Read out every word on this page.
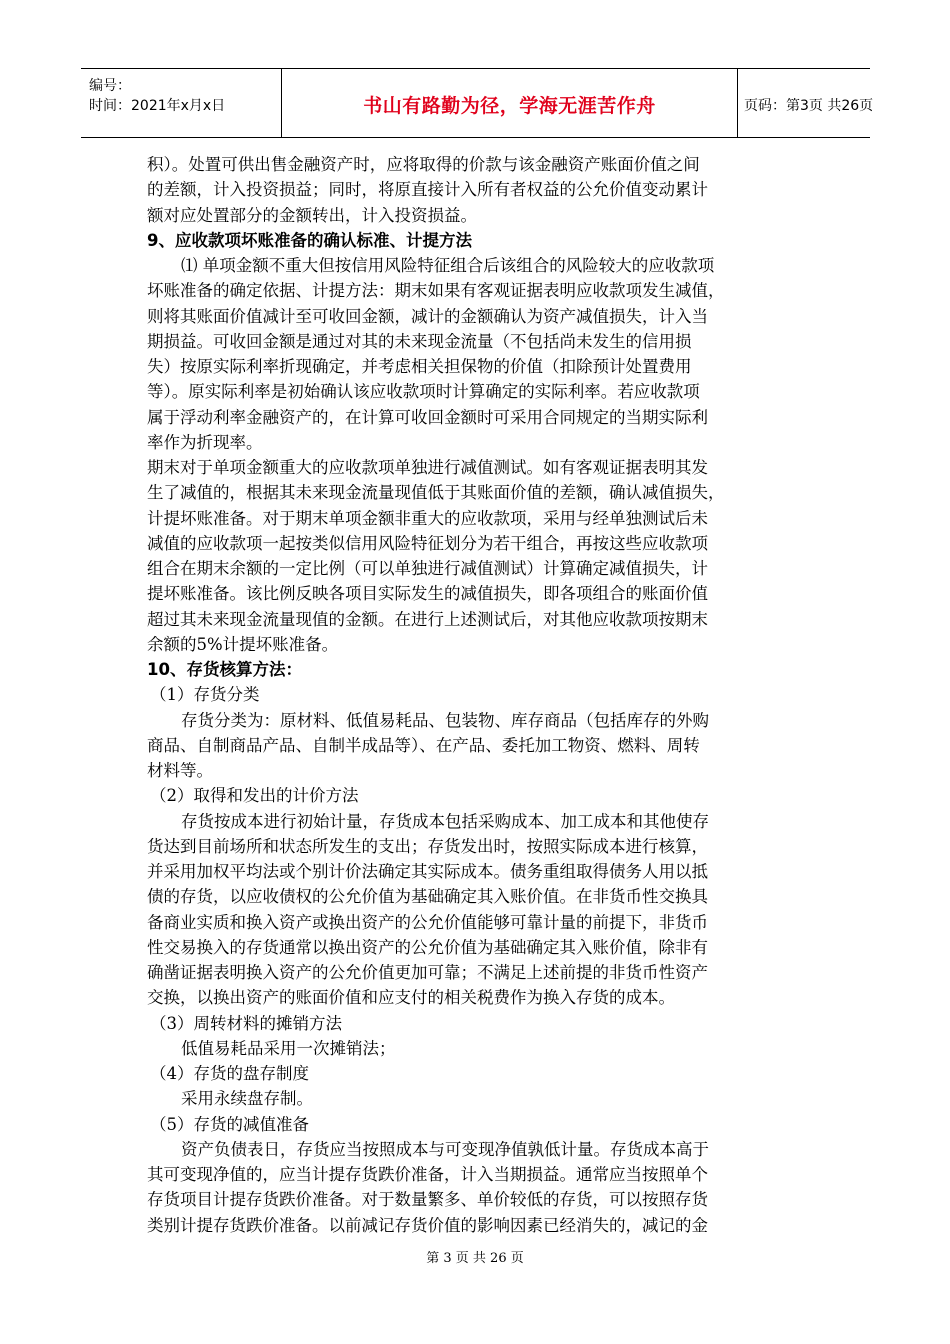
编号：
时间：2021年x月x日	书山有路勤为径，学海无涯苦作舟	页码：第3页 共26页
积）。处置可供出售金融资产时，应将取得的价款与该金融资产账面价值之间
的差额，计入投资损益；同时，将原直接计入所有者权益的公允价值变动累计
额对应处置部分的金额转出，计入投资损益。
9、应收款项坏账准备的确认标准、计提方法
⑴ 单项金额不重大但按信用风险特征组合后该组合的风险较大的应收款项
坏账准备的确定依据、计提方法：期末如果有客观证据表明应收款项发生减值，
则将其账面价值减计至可收回金额，减计的金额确认为资产减值损失，计入当
期损益。可收回金额是通过对其的未来现金流量（不包括尚未发生的信用损
失）按原实际利率折现确定，并考虑相关担保物的价值（扣除预计处置费用
等）。原实际利率是初始确认该应收款项时计算确定的实际利率。若应收款项
属于浮动利率金融资产的，在计算可收回金额时可采用合同规定的当期实际利
率作为折现率。
期末对于单项金额重大的应收款项单独进行减值测试。如有客观证据表明其发
生了减值的，根据其未来现金流量现值低于其账面价值的差额，确认减值损失，
计提坏账准备。对于期末单项金额非重大的应收款项，采用与经单独测试后未
减值的应收款项一起按类似信用风险特征划分为若干组合，再按这些应收款项
组合在期末余额的一定比例（可以单独进行减值测试）计算确定减值损失，计
提坏账准备。该比例反映各项目实际发生的减值损失，即各项组合的账面价值
超过其未来现金流量现值的金额。在进行上述测试后，对其他应收款项按期末
余额的5%计提坏账准备。
10、存货核算方法：
（1）存货分类
存货分类为：原材料、低值易耗品、包装物、库存商品（包括库存的外购
商品、自制商品产品、自制半成品等）、在产品、委托加工物资、燃料、周转
材料等。
（2）取得和发出的计价方法
存货按成本进行初始计量，存货成本包括采购成本、加工成本和其他使存
货达到目前场所和状态所发生的支出；存货发出时，按照实际成本进行核算，
并采用加权平均法或个别计价法确定其实际成本。债务重组取得债务人用以抵
债的存货，以应收债权的公允价值为基础确定其入账价值。在非货币性交换具
备商业实质和换入资产或换出资产的公允价值能够可靠计量的前提下，非货币
性交易换入的存货通常以换出资产的公允价值为基础确定其入账价值，除非有
确凿证据表明换入资产的公允价值更加可靠；不满足上述前提的非货币性资产
交换，以换出资产的账面价值和应支付的相关税费作为换入存货的成本。
（3）周转材料的摊销方法
低值易耗品采用一次摊销法；
（4）存货的盘存制度
采用永续盘存制。
（5）存货的减值准备
资产负债表日，存货应当按照成本与可变现净值孰低计量。存货成本高于
其可变现净值的，应当计提存货跌价准备，计入当期损益。通常应当按照单个
存货项目计提存货跌价准备。对于数量繁多、单价较低的存货，可以按照存货
类别计提存货跌价准备。以前减记存货价值的影响因素已经消失的，减记的金
第 3 页 共 26 页
